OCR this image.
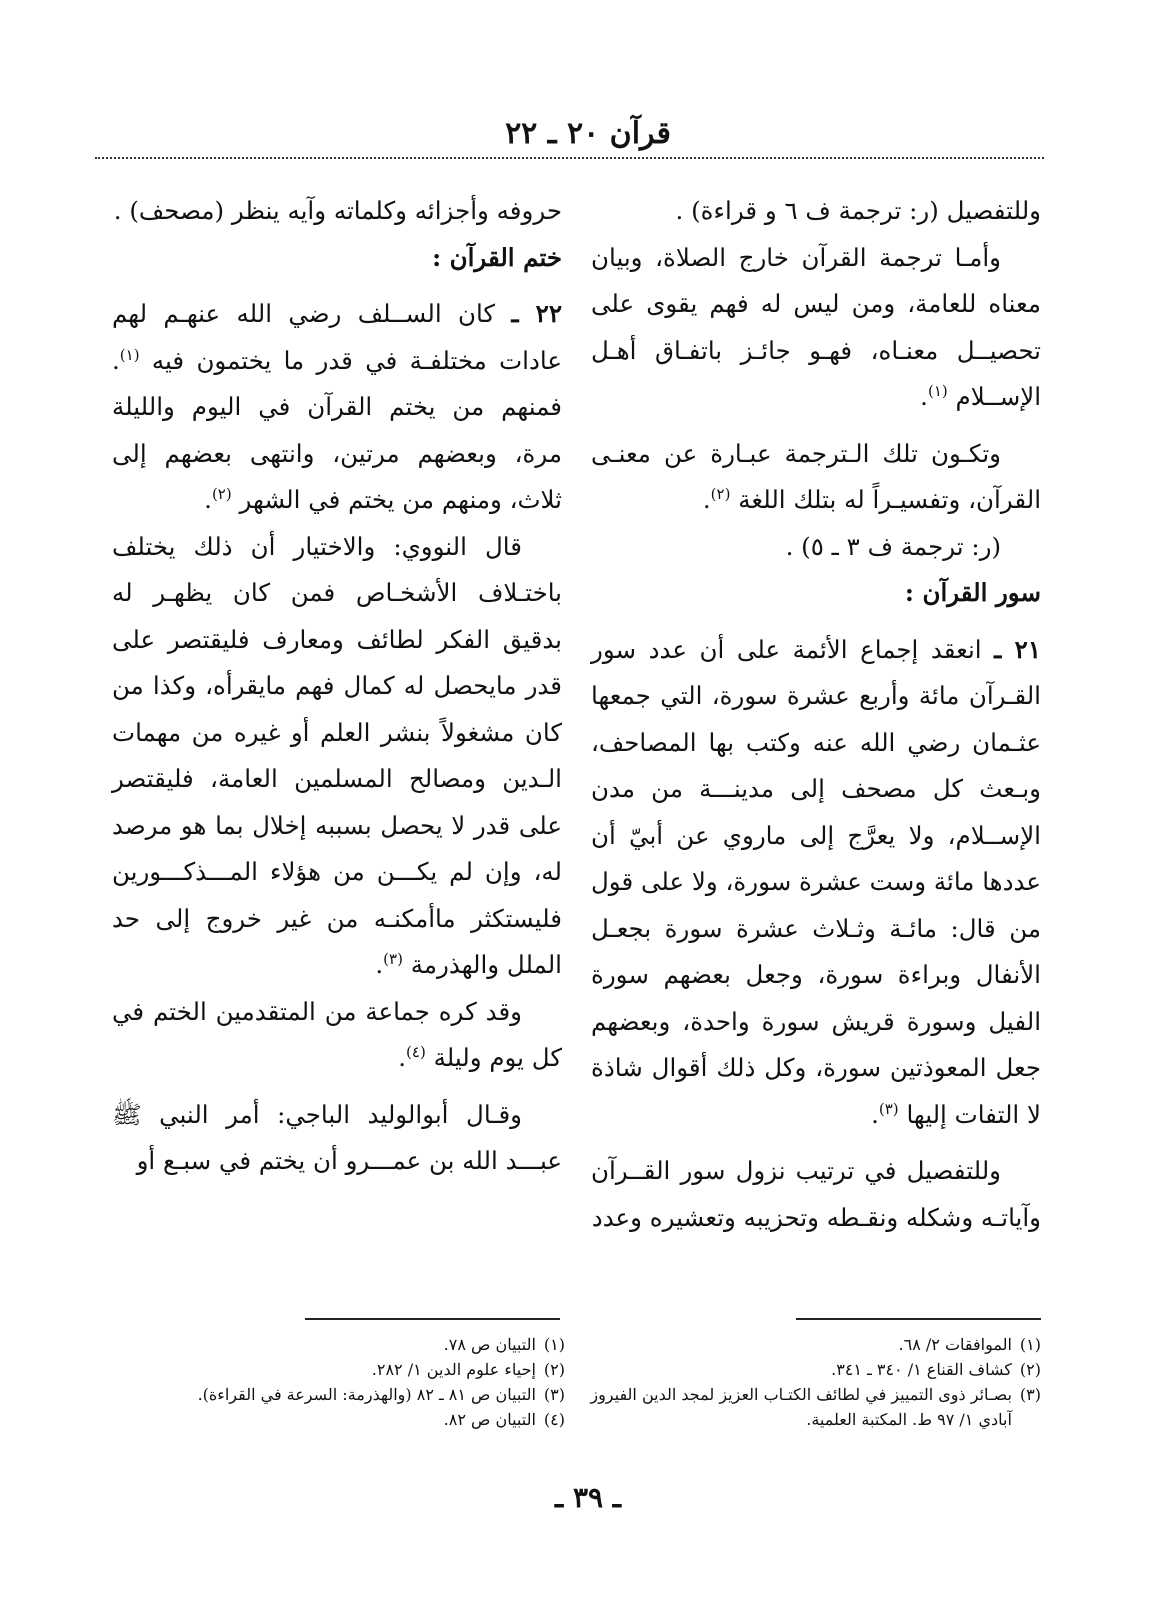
قرآن ٢٠ ـ ٢٢

وللتفصيل (ر: ترجمة ف ٦ و قراءة) .

وأمـا ترجمة القرآن خارج الصلاة، وبيان معناه للعامة، ومن ليس له فهم يقوى على تحصيــل معنـاه، فهـو جائـز باتفـاق أهـل الإســلام $^{(١)}$.

وتكـون تلك الـترجمة عبـارة عن معنـى القرآن، وتفسيـراً له بتلك اللغة $^{(٢)}$.

(ر: ترجمة ف ٣ ـ ٥) .

سور القرآن :

٢١ ـ انعقد إجماع الأئمة على أن عدد سور القـرآن مائة وأربع عشرة سورة، التي جمعها عثـمان رضي الله عنه وكتب بها المصاحف، وبـعث كل مصحف إلى مدينـــة من مدن الإســلام، ولا يعرَّج إلى ماروي عن أبيّ أن عددها مائة وست عشرة سورة، ولا على قول من قال: مائـة وثـلاث عشرة سورة بجعـل الأنفال وبراءة سورة، وجعل بعضهم سورة الفيل وسورة قريش سورة واحدة، وبعضهم جعل المعوذتين سورة، وكل ذلك أقوال شاذة لا التفات إليها $^{(٣)}$.

وللتفصيل في ترتيب نزول سور القــرآن وآياتـه وشكله ونقـطه وتحزيبه وتعشيره وعدد

حروفه وأجزائه وكلماته وآيه ينظر (مصحف) .

ختم القرآن :

٢٢ ـ كان الســلف رضي الله عنهـم لهم عادات مختلفـة في قدر ما يختمون فيه $^{(١)}$. فمنهم من يختم القرآن في اليوم والليلة مرة، وبعضهم مرتين، وانتهى بعضهم إلى ثلاث، ومنهم من يختم في الشهر $^{(٢)}$.

قال النووي: والاختيار أن ذلك يختلف باختـلاف الأشخـاص فمن كان يظهـر له بدقيق الفكر لطائف ومعارف فليقتصر على قدر مايحصل له كمال فهم مايقرأه، وكذا من كان مشغولاً بنشر العلم أو غيره من مهمات الـدين ومصالح المسلمين العامة، فليقتصر على قدر لا يحصل بسببه إخلال بما هو مرصد له، وإن لم يكـــن من هؤلاء المـــذكـــورين فليستكثر ماأمكنـه من غير خروج إلى حد الملل والهذرمة $^{(٣)}$.

وقد كره جماعة من المتقدمين الختم في كل يوم وليلة $^{(٤)}$.

وقـال أبوالوليد الباجي: أمر النبي ﷺ عبـــد الله بن عمـــرو أن يختم في سبـع أو

(١)
الموافقات ٢/ ٦٨.
(٢)
كشاف القناع ١/ ٣٤٠ ـ ٣٤١.
(٣)
بصـائر ذوى التمييز في لطائف الكتـاب العزيز لمجد الدين الفيروز آبادي ١/ ٩٧ ط. المكتبة العلمية.
(١)
التبيان ص ٧٨.
(٢)
إحياء علوم الدين ١/ ٢٨٢.
(٣)
التبيان ص ٨١ ـ ٨٢ (والهذرمة: السرعة في القراءة).
(٤)
التبيان ص ٨٢.
ـ ٣٩ ـ
